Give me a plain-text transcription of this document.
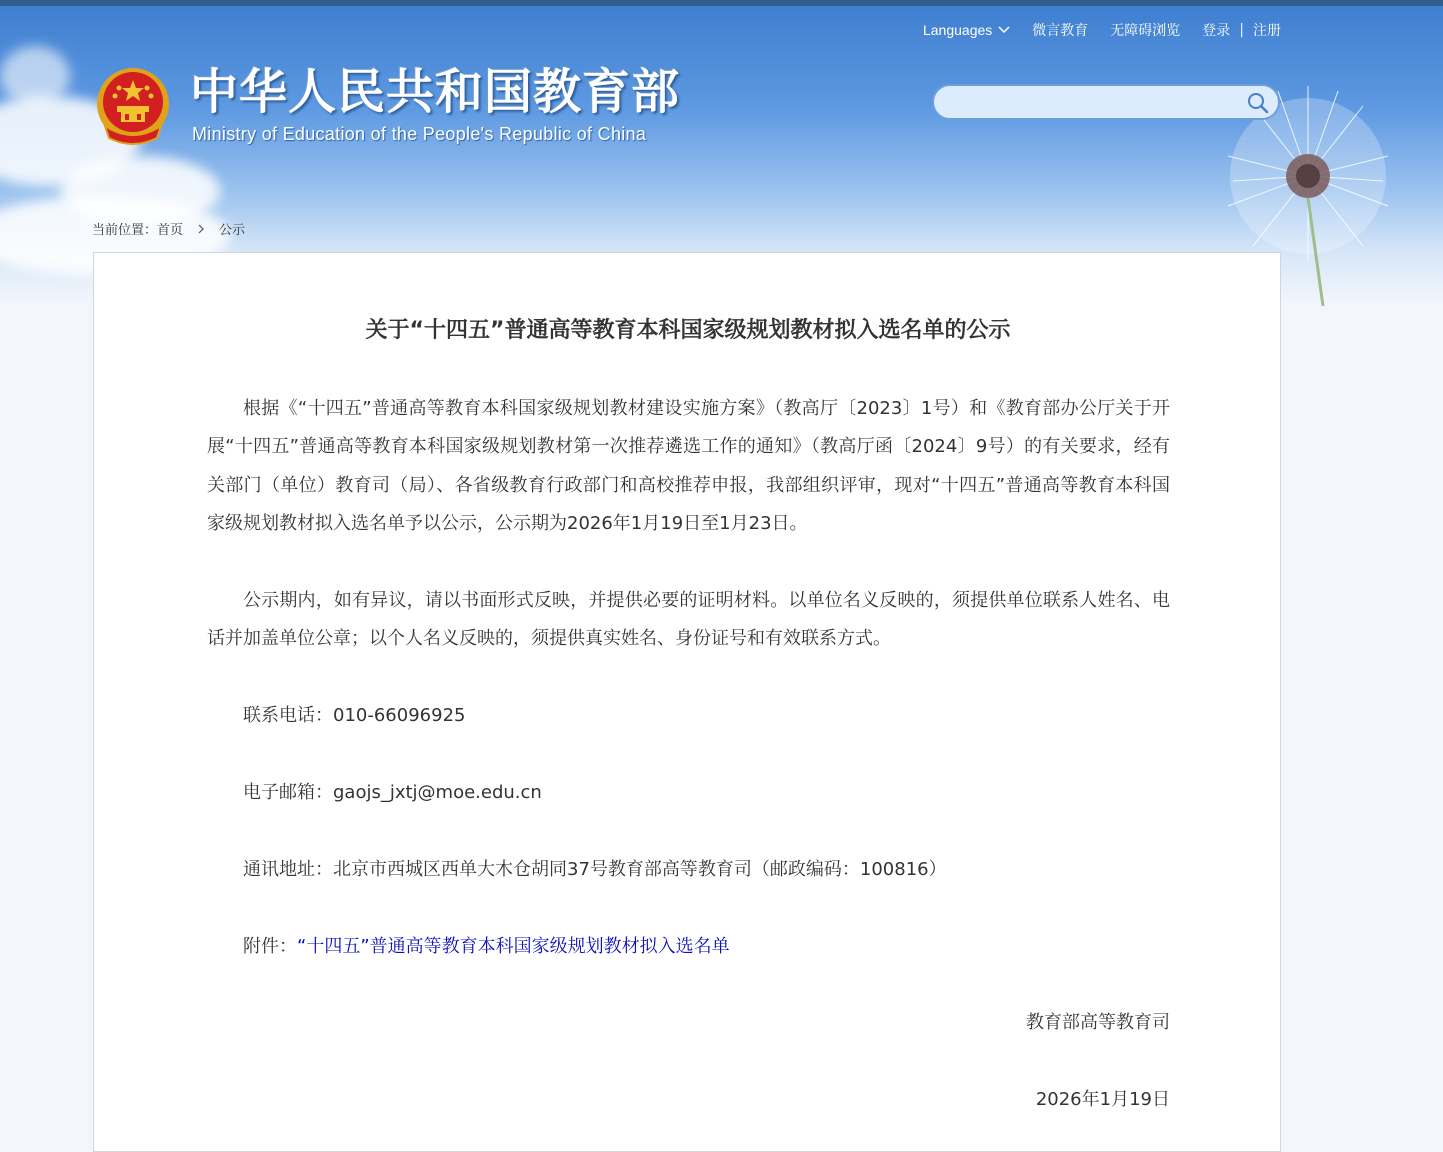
中华人民共和国教育部

Ministry of Education of the People's Republic of China

Languages	微言教育 无障碍浏览 登录 | 注册
当前位置： 首页	公示
关于“十四五”普通高等教育本科国家级规划教材拟入选名单的公示

根据《“十四五”普通高等教育本科国家级规划教材建设实施方案》（教高厅〔2023〕1号）和《教育部办公厅关于开展“十四五”普通高等教育本科国家级规划教材第一次推荐遴选工作的通知》（教高厅函〔2024〕9号）的有关要求，经有关部门（单位）教育司（局）、各省级教育行政部门和高校推荐申报，我部组织评审，现对“十四五”普通高等教育本科国家级规划教材拟入选名单予以公示，公示期为2026年1月19日至1月23日。

公示期内，如有异议，请以书面形式反映，并提供必要的证明材料。以单位名义反映的，须提供单位联系人姓名、电话并加盖单位公章；以个人名义反映的，须提供真实姓名、身份证号和有效联系方式。

联系电话：010-66096925

电子邮箱：gaojs_jxtj@moe.edu.cn

通讯地址：北京市西城区西单大木仓胡同37号教育部高等教育司（邮政编码：100816）

附件：“十四五”普通高等教育本科国家级规划教材拟入选名单

教育部高等教育司

2026年1月19日
